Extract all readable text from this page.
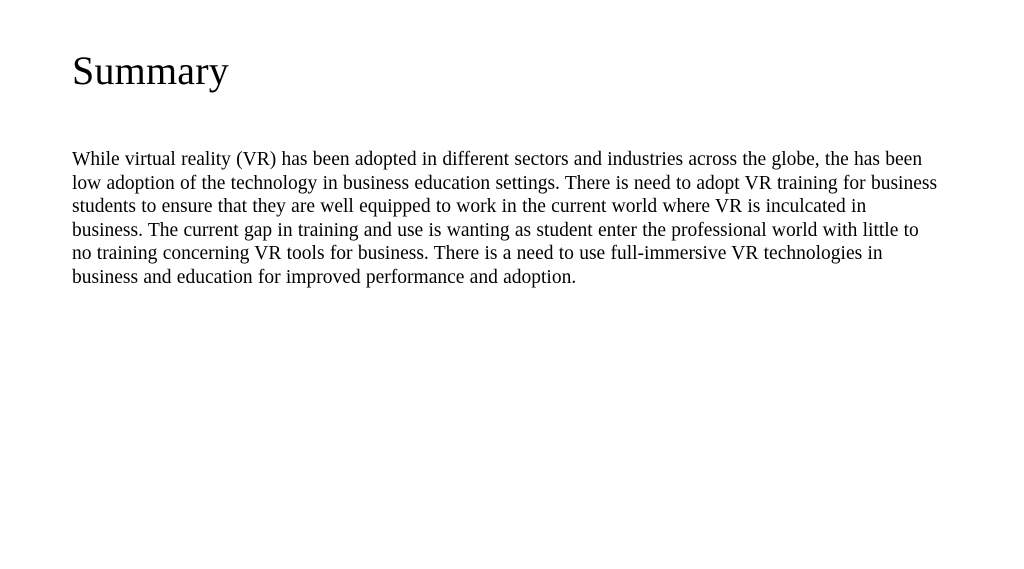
Summary

While virtual reality (VR) has been adopted in different sectors and industries across the globe, the has been low adoption of the technology in business education settings. There is need to adopt VR training for business students to ensure that they are well equipped to work in the current world where VR is inculcated in business. The current gap in training and use is wanting as student enter the professional world with little to no training concerning VR tools for business. There is a need to use full-immersive VR technologies in business and education for improved performance and adoption.
